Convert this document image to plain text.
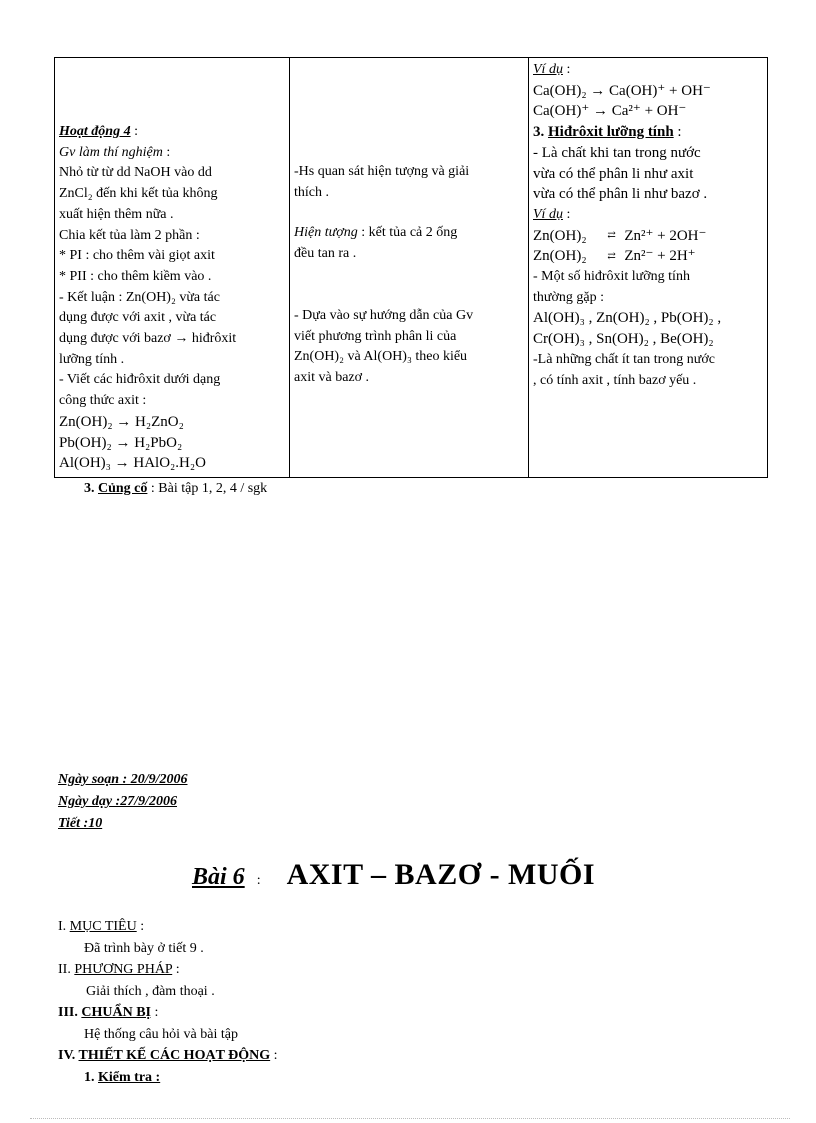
Hoạt động 4 :
Gv làm thí nghiệm :
Nhỏ từ từ dd NaOH vào dd
ZnCl₂ đến khi kết tủa không
xuất hiện thêm nữa .
Chia kết tủa làm 2 phần :
* PI : cho thêm vài giọt axit
* PII : cho thêm kiềm vào .
- Kết luận : Zn(OH)₂ vừa tác
dụng được với axit , vừa tác
dụng được với bazơ → hiđrôxit
lưỡng tính .
- Viết các hiđrôxit dưới dạng
công thức axit :
Zn(OH)₂ → H₂ZnO₂
Pb(OH)₂ → H₂PbO₂
Al(OH)₃ → HAlO₂.H₂O

-Hs quan sát hiện tượng và giải
thích .
Hiện tượng : kết tủa cả 2 ống
đều tan ra .
- Dựa vào sự hướng dẫn của Gv
viết phương trình phân li của
Zn(OH)₂ và Al(OH)₃ theo kiểu
axit và bazơ .

Ví dụ :
Ca(OH)₂ → Ca(OH)⁺ + OH⁻
Ca(OH)⁺ → Ca²⁺ + OH⁻
3. Hiđrôxit lưỡng tính :
- Là chất khi tan trong nước
vừa có thể phân li như axit
vừa có thể phân li như bazơ .
Ví dụ :
Zn(OH)₂ ⇄ Zn²⁺ + 2OH⁻
Zn(OH)₂ ⇄ Zn²⁻ + 2H⁺
- Một số hiđrôxit lưỡng tính
thường gặp :
Al(OH)₃ , Zn(OH)₂ , Pb(OH)₂ ,
Cr(OH)₃ , Sn(OH)₂ , Be(OH)₂
-Là những chất ít tan trong nước
, có tính axit , tính bazơ yếu .
3. Củng cố : Bài tập 1, 2, 4 / sgk
Ngày soạn : 20/9/2006
Ngày dạy :27/9/2006
Tiết :10
Bài 6 : AXIT – BAZƠ - MUỐI
I. MỤC TIÊU :
Đã trình bày ở tiết 9 .
II. PHƯƠNG PHÁP :
Giải thích , đàm thoại .
III. CHUẨN BỊ :
Hệ thống câu hỏi và bài tập
IV. THIẾT KẾ CÁC HOẠT ĐỘNG :
1. Kiểm tra :
